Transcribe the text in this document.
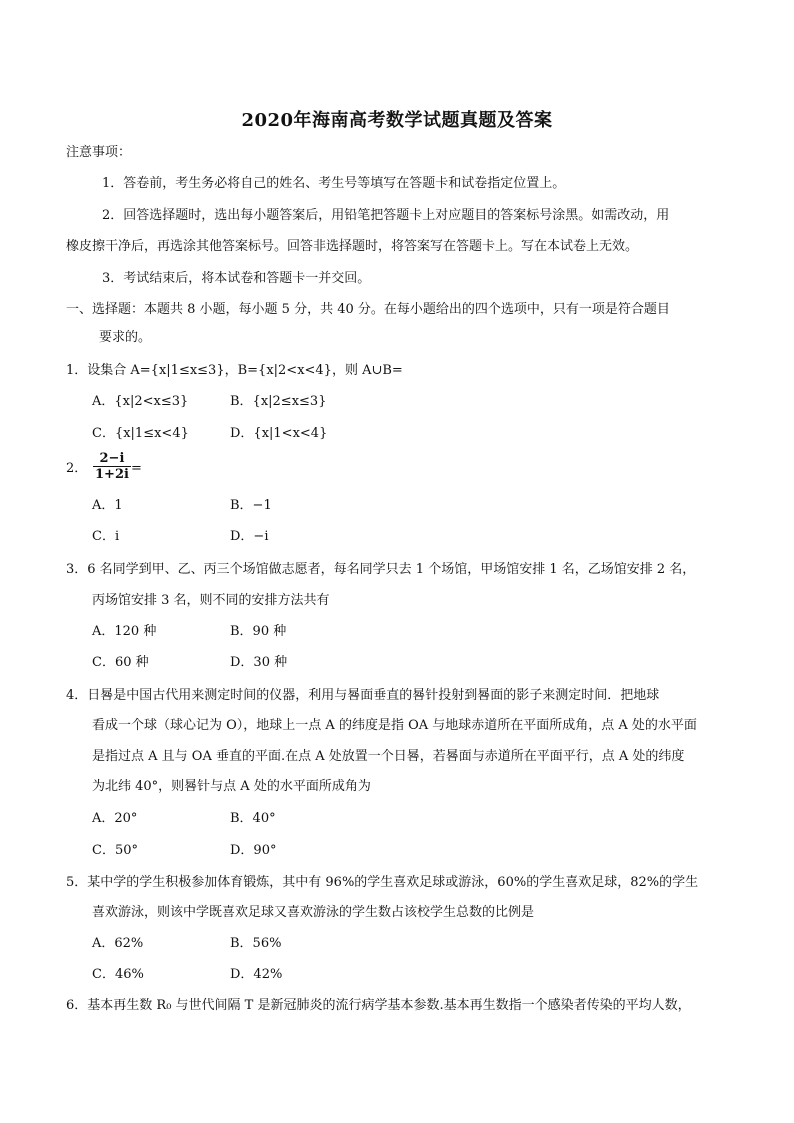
2020年海南高考数学试题真题及答案
注意事项：
1．答卷前，考生务必将自己的姓名、考生号等填写在答题卡和试卷指定位置上。
2．回答选择题时，选出每小题答案后，用铅笔把答题卡上对应题目的答案标号涂黑。如需改动，用
橡皮擦干净后，再选涂其他答案标号。回答非选择题时，将答案写在答题卡上。写在本试卷上无效。
3．考试结束后，将本试卷和答题卡一并交回。
一、选择题：本题共 8 小题，每小题 5 分，共 40 分。在每小题给出的四个选项中，只有一项是符合题目
要求的。
1．设集合 A={x|1≤x≤3}，B={x|2<x<4}，则 A∪B=
A．{x|2<x≤3}	B．{x|2≤x≤3}
C．{x|1≤x<4}	D．{x|1<x<4}
2．
2−i
1+2i =
A．1	B．−1
C．i	D．−i
3．6 名同学到甲、乙、丙三个场馆做志愿者，每名同学只去 1 个场馆，甲场馆安排 1 名，乙场馆安排 2 名，
丙场馆安排 3 名，则不同的安排方法共有
A．120 种	B．90 种
C．60 种	D．30 种
4．日晷是中国古代用来测定时间的仪器，利用与晷面垂直的晷针投射到晷面的影子来测定时间．把地球
看成一个球（球心记为 O），地球上一点 A 的纬度是指 OA 与地球赤道所在平面所成角，点 A 处的水平面
是指过点 A 且与 OA 垂直的平面.在点 A 处放置一个日晷，若晷面与赤道所在平面平行，点 A 处的纬度
为北纬 40°，则晷针与点 A 处的水平面所成角为
A．20°	B．40°
C．50°	D．90°
5．某中学的学生积极参加体育锻炼，其中有 96%的学生喜欢足球或游泳，60%的学生喜欢足球，82%的学生
喜欢游泳，则该中学既喜欢足球又喜欢游泳的学生数占该校学生总数的比例是
A．62%	B．56%
C．46%	D．42%
6．基本再生数 R₀ 与世代间隔 T 是新冠肺炎的流行病学基本参数.基本再生数指一个感染者传染的平均人数，
